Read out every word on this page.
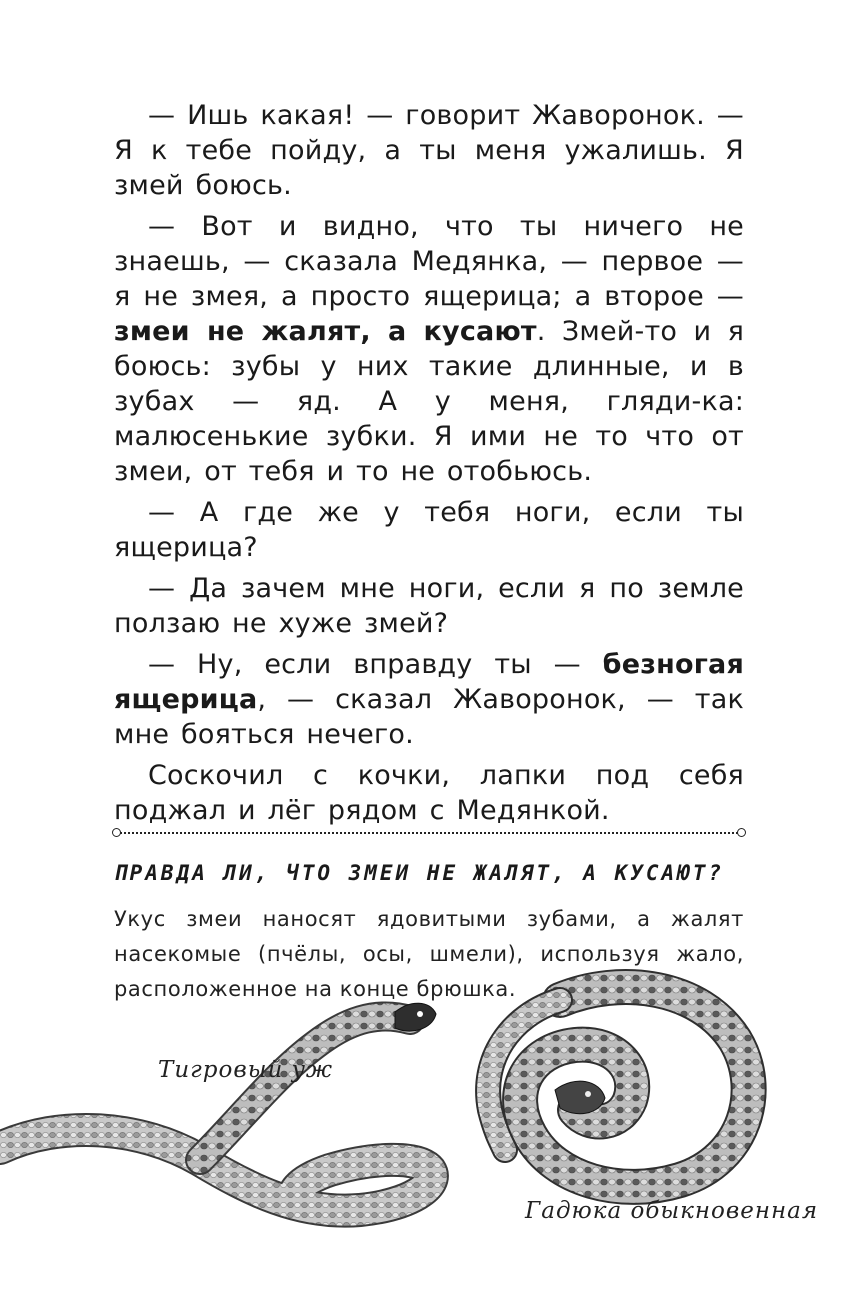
— Ишь какая! — говорит Жаворонок. — Я к тебе пойду, а ты меня ужалишь. Я змей боюсь.

— Вот и видно, что ты ничего не знаешь, — сказала Медянка, — первое — я не змея, а просто ящерица; а второе — змеи не жалят, а кусают. Змей-то и я боюсь: зубы у них такие длинные, и в зубах — яд. А у меня, гляди-ка: малюсенькие зубки. Я ими не то что от змеи, от тебя и то не отобьюсь.

— А где же у тебя ноги, если ты ящерица?

— Да зачем мне ноги, если я по земле ползаю не хуже змей?

— Ну, если вправду ты — безногая ящерица, — сказал Жаворонок, — так мне бояться нечего.

Соскочил с кочки, лапки под себя поджал и лёг рядом с Медянкой.

ПРАВДА ЛИ, ЧТО ЗМЕИ НЕ ЖАЛЯТ, А КУСАЮТ?
Укус змеи наносят ядовитыми зубами, а жалят насекомые (пчёлы, осы, шмели), используя жало, расположенное на конце брюшка.
Тигровый уж
Гадюка обыкновенная
